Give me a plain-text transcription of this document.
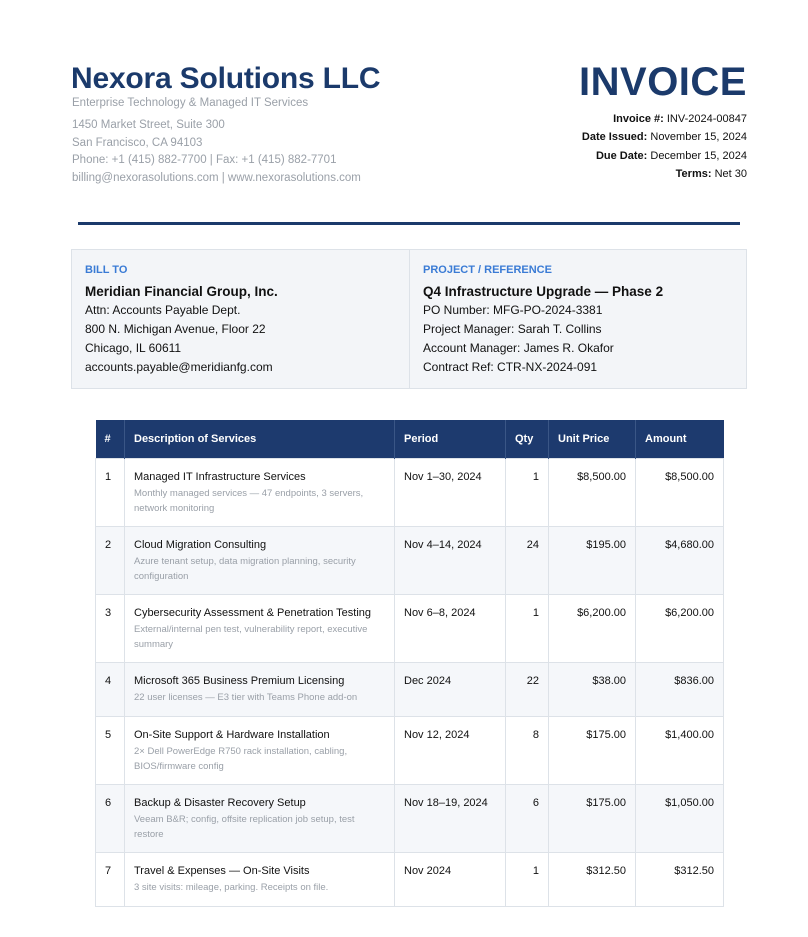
Nexora Solutions LLC
Enterprise Technology & Managed IT Services
1450 Market Street, Suite 300
San Francisco, CA 94103
Phone: +1 (415) 882-7700 | Fax: +1 (415) 882-7701
billing@nexorasolutions.com | www.nexorasolutions.com
INVOICE
Invoice #: INV-2024-00847
Date Issued: November 15, 2024
Due Date: December 15, 2024
Terms: Net 30
BILL TO
Meridian Financial Group, Inc.
Attn: Accounts Payable Dept.
800 N. Michigan Avenue, Floor 22
Chicago, IL 60611
accounts.payable@meridianfg.com
PROJECT / REFERENCE
Q4 Infrastructure Upgrade — Phase 2
PO Number: MFG-PO-2024-3381
Project Manager: Sarah T. Collins
Account Manager: James R. Okafor
Contract Ref: CTR-NX-2024-091
#	Description of Services	Period	Qty	Unit Price	Amount
1	Managed IT Infrastructure Services
Monthly managed services — 47 endpoints, 3 servers, network monitoring	Nov 1–30, 2024	1	$8,500.00	$8,500.00
2	Cloud Migration Consulting
Azure tenant setup, data migration planning, security configuration	Nov 4–14, 2024	24	$195.00	$4,680.00
3	Cybersecurity Assessment & Penetration Testing
External/internal pen test, vulnerability report, executive summary	Nov 6–8, 2024	1	$6,200.00	$6,200.00
4	Microsoft 365 Business Premium Licensing
22 user licenses — E3 tier with Teams Phone add-on	Dec 2024	22	$38.00	$836.00
5	On-Site Support & Hardware Installation
2× Dell PowerEdge R750 rack installation, cabling, BIOS/firmware config	Nov 12, 2024	8	$175.00	$1,400.00
6	Backup & Disaster Recovery Setup
Veeam B&R; config, offsite replication job setup, test restore	Nov 18–19, 2024	6	$175.00	$1,050.00
7	Travel & Expenses — On-Site Visits
3 site visits: mileage, parking. Receipts on file.	Nov 2024	1	$312.50	$312.50
